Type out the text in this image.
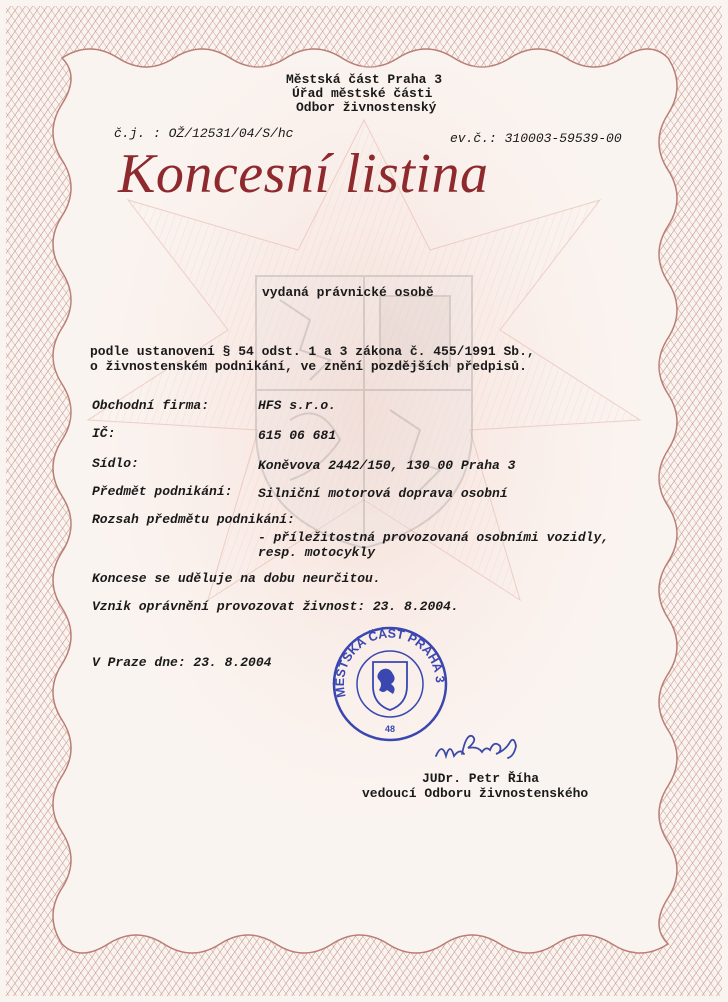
Městská část Praha 3
Úřad městské části
Odbor živnostenský
č.j. : OŽ/12531/04/S/hc	ev.č.: 310003-59539-00
Koncesní listina
vydaná právnické osobě
podle ustanovení § 54 odst. 1 a 3 zákona č. 455/1991 Sb.,
o živnostenském podnikání, ve znění pozdějších předpisů.
Obchodní firma:	HFS s.r.o.
IČ:	615 06 681
Sídlo:	Koněvova 2442/150, 130 00 Praha 3
Předmět podnikání: Silniční motorová doprava osobní
Rozsah předmětu podnikání:
- příležitostná provozovaná osobními vozidly,
resp. motocykly
Koncese se uděluje na dobu neurčitou.
Vznik oprávnění provozovat živnost: 23. 8.2004.
V Praze dne: 23. 8.2004
MĚSTSKÁ ČÁST PRAHA 3
48
JUDr. Petr Říha
vedoucí Odboru živnostenského
